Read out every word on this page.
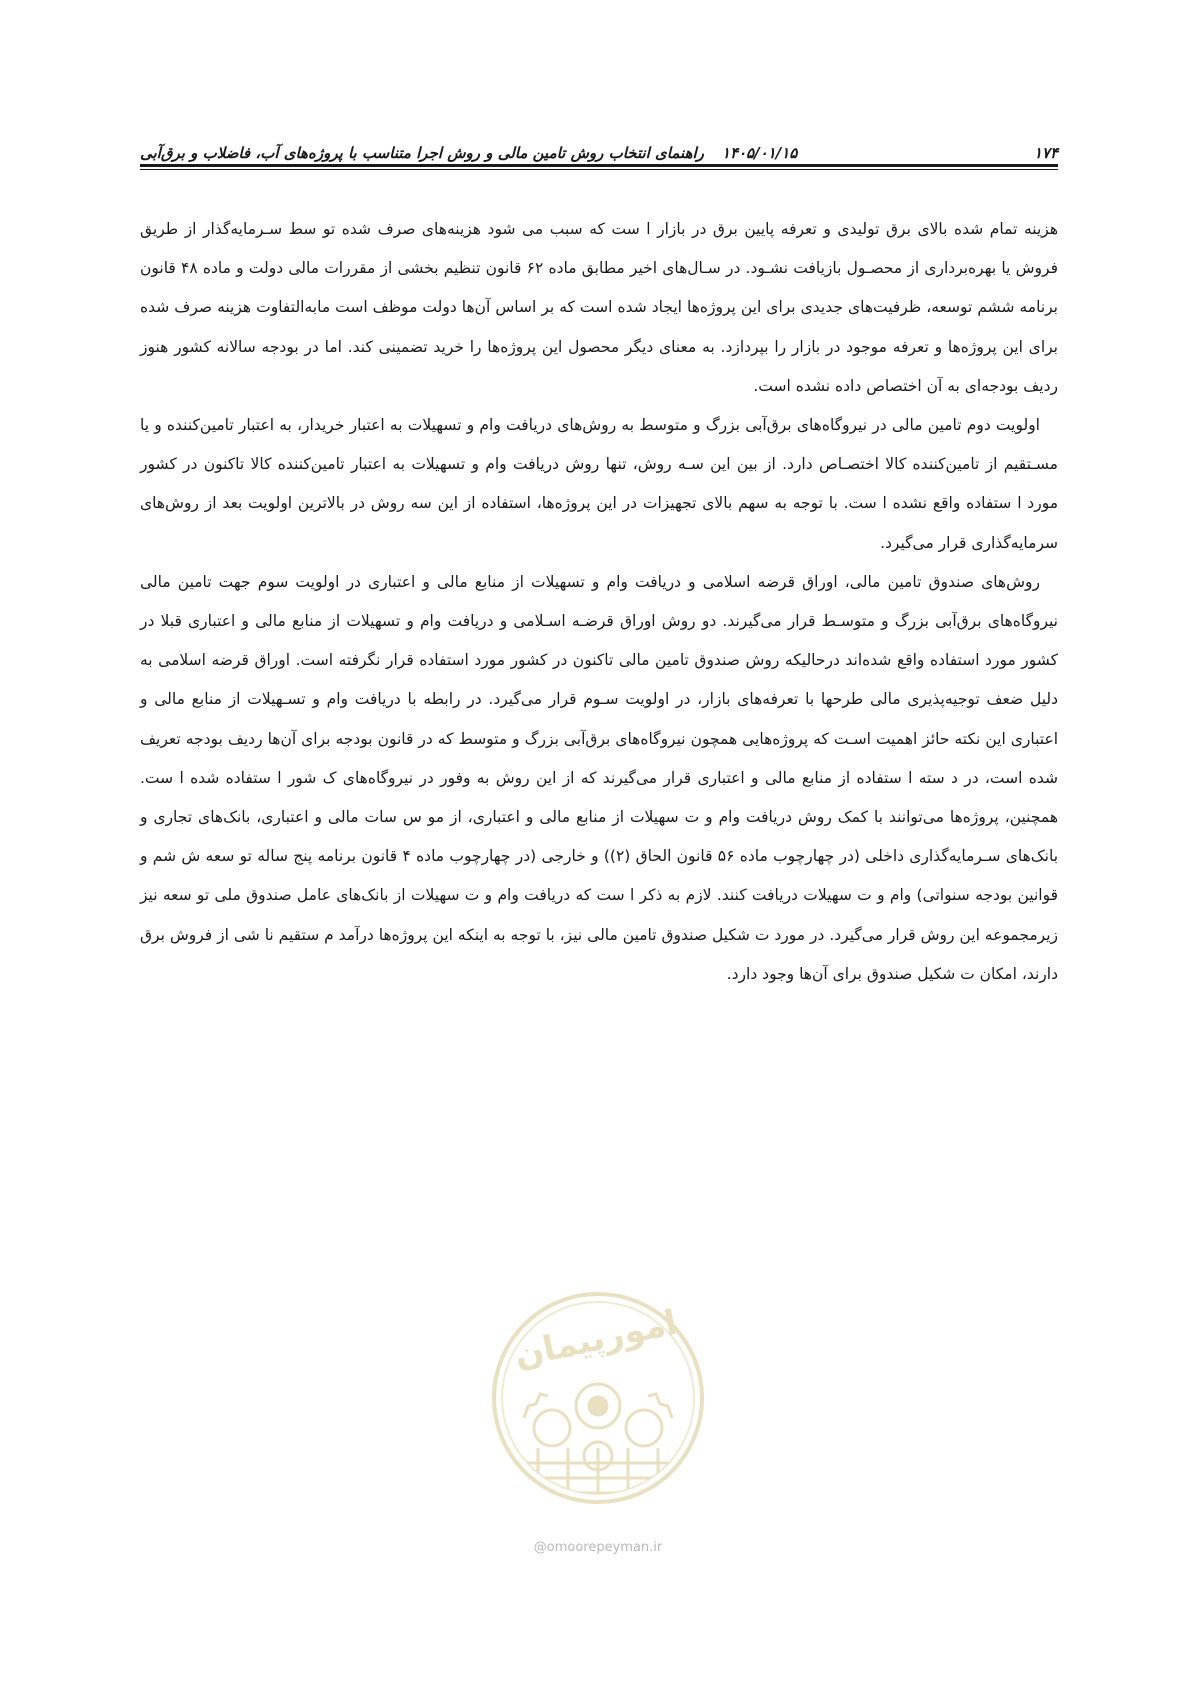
۱۷۴
۱۴۰۵/۰۱/۱۵
راهنمای انتخاب روش تامین مالی و روش اجرا متناسب با پروژه‌های آب، فاضلاب و برق‌آبی

هزینه تمام شده بالای برق تولیدی و تعرفه پایین برق در بازار ا ست که سبب می شود هزینه‌های صرف شده تو سط سـرمایه‌گذار از طریق فروش یا بهره‌برداری از محصـول بازیافت نشـود. در سـال‌های اخیر مطابق ماده ۶۲ قانون تنظیم بخشی از مقررات مالی دولت و ماده ۴۸ قانون برنامه ششم توسعه، ظرفیت‌های جدیدی برای این پروژه‌ها ایجاد شده است که بر اساس آن‌ها دولت موظف است مابه‌التفاوت هزینه صرف شده برای این پروژه‌ها و تعرفه موجود در بازار را بپردازد. به معنای دیگر محصول این پروژه‌ها را خرید تضمینی کند. اما در بودجه سالانه کشور هنوز ردیف بودجه‌ای به آن اختصاص داده نشده است.

اولویت دوم تامین مالی در نیروگاه‌های برق‌آبی بزرگ و متوسط به روش‌های دریافت وام و تسهیلات به اعتبار خریدار، به اعتبار تامین‌کننده و یا مسـتقیم از تامین‌کننده کالا اختصـاص دارد. از بین این سـه روش، تنها روش دریافت وام و تسهیلات به اعتبار تامین‌کننده کالا تاکنون در کشور مورد ا ستفاده واقع نشده ا ست. با توجه به سهم بالای تجهیزات در این پروژه‌ها، استفاده از این سه روش در بالاترین اولویت بعد از روش‌های سرمایه‌گذاری قرار می‌گیرد.

روش‌های صندوق تامین مالی، اوراق قرضه اسلامی و دریافت وام و تسهیلات از منابع مالی و اعتباری در اولویت سوم جهت تامین مالی نیروگاه‌های برق‌آبی بزرگ و متوسـط قرار می‌گیرند. دو روش اوراق قرضـه اسـلامی و دریافت وام و تسهیلات از منابع مالی و اعتباری قبلا در کشور مورد استفاده واقع شده‌اند درحالیکه روش صندوق تامین مالی تاکنون در کشور مورد استفاده قرار نگرفته است. اوراق قرضه اسلامی به دلیل ضعف توجیه‌پذیری مالی طرحها با تعرفه‌های بازار، در اولویت سـوم قرار می‌گیرد. در رابطه با دریافت وام و تسـهیلات از منابع مالی و اعتباری این نکته حائز اهمیت اسـت که پروژه‌هایی همچون نیروگاه‌های برق‌آبی بزرگ و متوسط که در قانون بودجه برای آن‌ها ردیف بودجه تعریف شده است، در د سته ا ستفاده از منابع مالی و اعتباری قرار می‌گیرند که از این روش به وفور در نیروگاه‌های ک شور ا ستفاده شده ا ست. همچنین، پروژه‌ها می‌توانند با کمک روش دریافت وام و ت سهیلات از منابع مالی و اعتباری، از مو س سات مالی و اعتباری، بانک‌های تجاری و بانک‌های سـرمایه‌گذاری داخلی (در چهارچوب ماده ۵۶ قانون الحاق (۲)) و خارجی (در چهارچوب ماده ۴ قانون برنامه پنج ساله تو سعه ش شم و قوانین بودجه سنواتی) وام و ت سهیلات دریافت کنند. لازم به ذکر ا ست که دریافت وام و ت سهیلات از بانک‌های عامل صندوق ملی تو سعه نیز زیرمجموعه این روش قرار می‌گیرد. در مورد ت شکیل صندوق تامین مالی نیز، با توجه به اینکه این پروژه‌ها درآمد م ستقیم نا شی از فروش برق دارند، امکان ت شکیل صندوق برای آن‌ها وجود دارد.

امورپیمان
@omoorepeyman.ir
